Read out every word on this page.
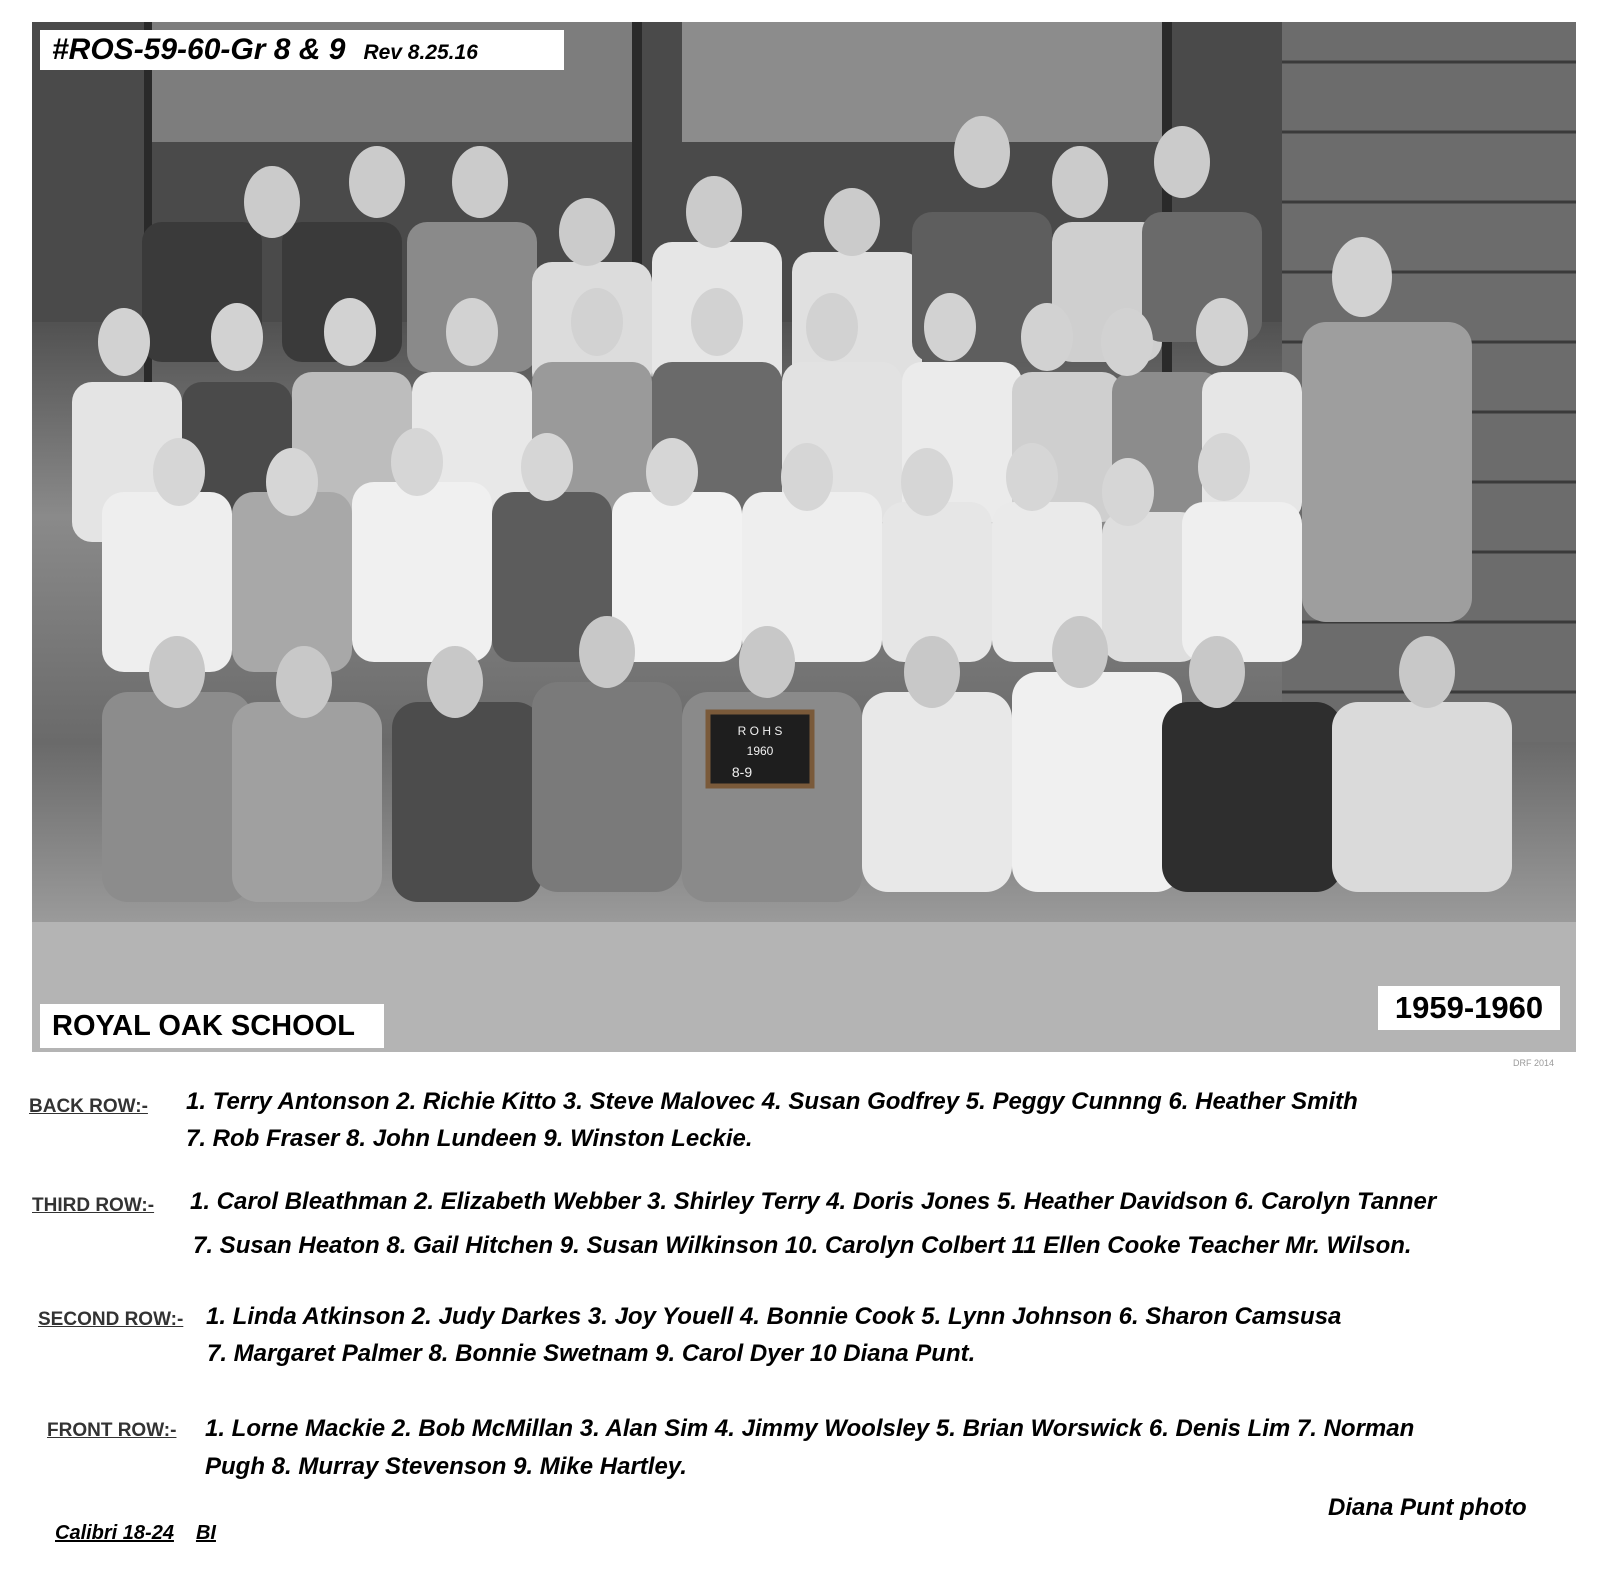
R O H S
1960
8-9
#ROS-59-60-Gr 8 & 9 Rev 8.25.16
ROYAL OAK SCHOOL
1959-1960
DRF 2014
BACK ROW:- 1. Terry Antonson 2. Richie Kitto 3. Steve Malovec 4. Susan Godfrey 5. Peggy Cunnng 6. Heather Smith
7. Rob Fraser 8. John Lundeen 9. Winston Leckie.
THIRD ROW:- 1. Carol Bleathman 2. Elizabeth Webber 3. Shirley Terry 4. Doris Jones 5. Heather Davidson 6. Carolyn Tanner
7. Susan Heaton 8. Gail Hitchen 9. Susan Wilkinson 10. Carolyn Colbert 11 Ellen Cooke Teacher Mr. Wilson.
SECOND ROW:- 1. Linda Atkinson 2. Judy Darkes 3. Joy Youell 4. Bonnie Cook 5. Lynn Johnson 6. Sharon Camsusa
7. Margaret Palmer 8. Bonnie Swetnam 9. Carol Dyer 10 Diana Punt.
FRONT ROW:- 1. Lorne Mackie 2. Bob McMillan 3. Alan Sim 4. Jimmy Woolsley 5. Brian Worswick 6. Denis Lim 7. Norman
Pugh 8. Murray Stevenson 9. Mike Hartley.
Diana Punt photo
Calibri 18-24 BI
